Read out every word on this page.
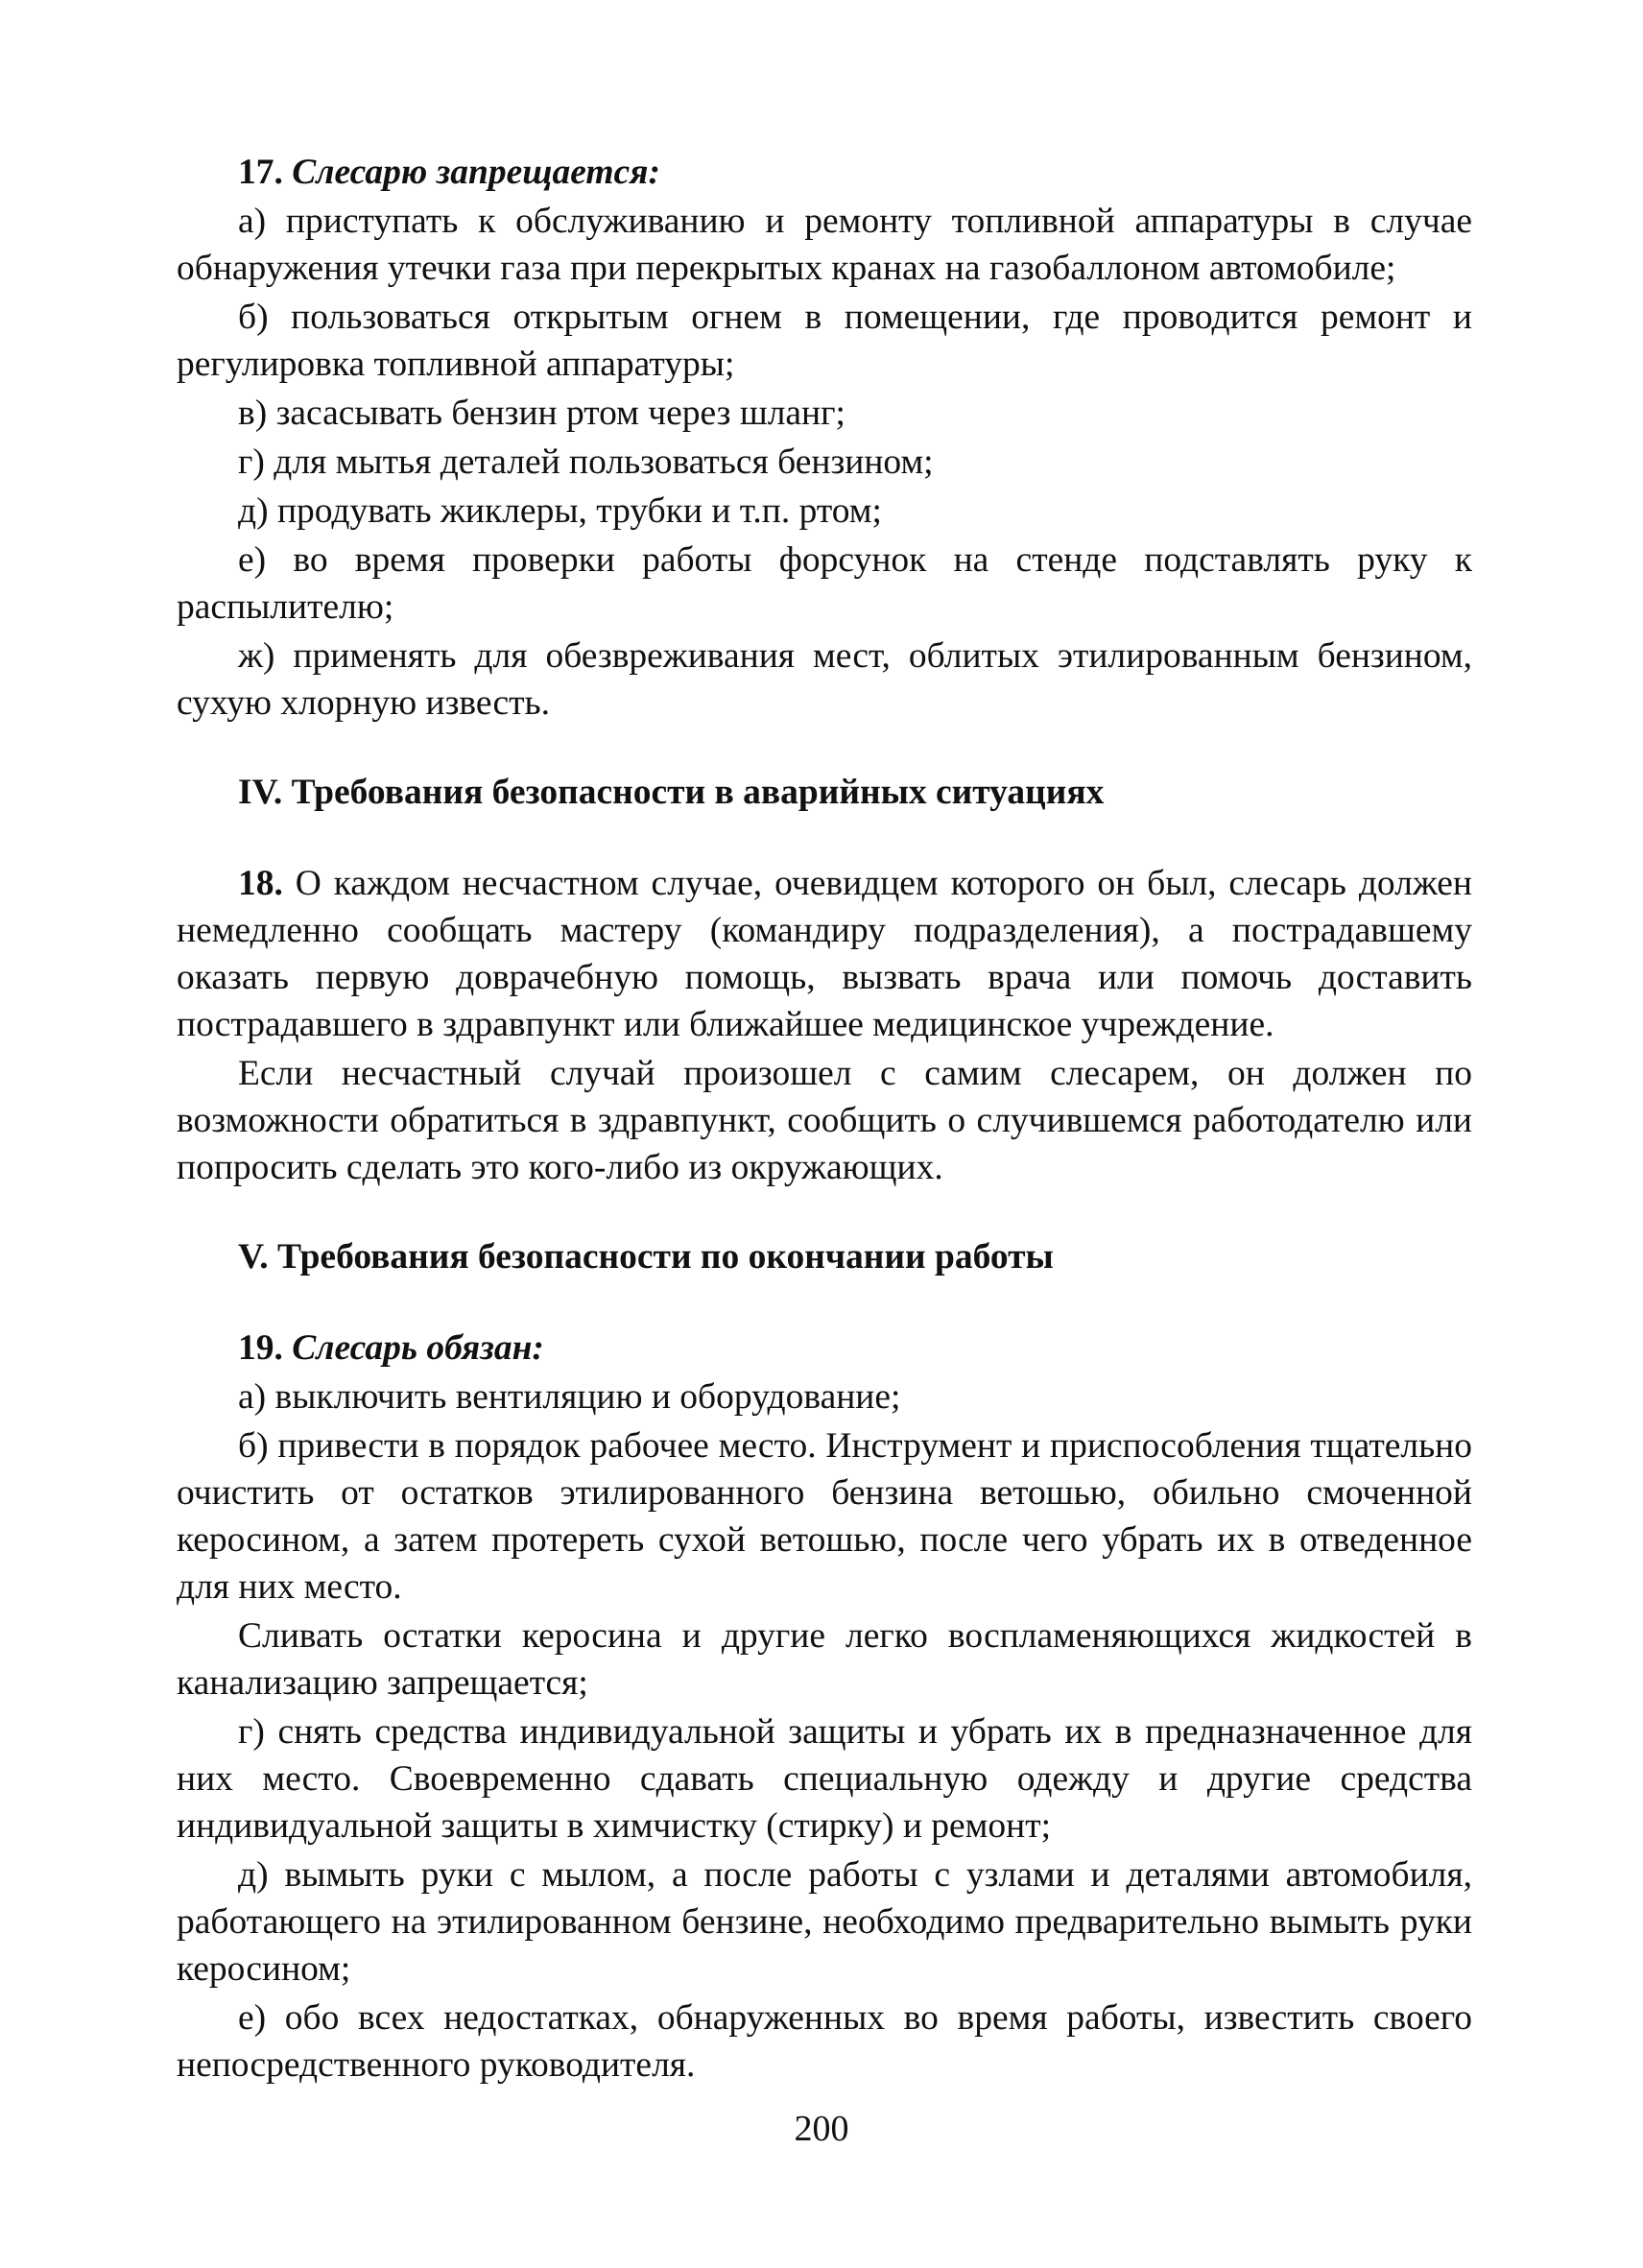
17. Слесарю запрещается:

а) приступать к обслуживанию и ремонту топливной аппаратуры в случае обнаружения утечки газа при перекрытых кранах на газобаллоном автомобиле;

б) пользоваться открытым огнем в помещении, где проводится ремонт и регулировка топливной аппаратуры;

в) засасывать бензин ртом через шланг;

г) для мытья деталей пользоваться бензином;

д) продувать жиклеры, трубки и т.п. ртом;

е) во время проверки работы форсунок на стенде подставлять руку к распылителю;

ж) применять для обезвреживания мест, облитых этилированным бензином, сухую хлорную известь.

IV. Требования безопасности в аварийных ситуациях

18. О каждом несчастном случае, очевидцем которого он был, слесарь должен немедленно сообщать мастеру (командиру подразделения), а пострадавшему оказать первую доврачебную помощь, вызвать врача или помочь доставить пострадавшего в здравпункт или ближайшее медицинское учреждение.

Если несчастный случай произошел с самим слесарем, он должен по возможности обратиться в здравпункт, сообщить о случившемся работодателю или попросить сделать это кого-либо из окружающих.

V. Требования безопасности по окончании работы

19. Слесарь обязан:

а) выключить вентиляцию и оборудование;

б) привести в порядок рабочее место. Инструмент и приспособления тщательно очистить от остатков этилированного бензина ветошью, обильно смоченной керосином, а затем протереть сухой ветошью, после чего убрать их в отведенное для них место.

Сливать остатки керосина и другие легко воспламеняющихся жидкостей в канализацию запрещается;

г) снять средства индивидуальной защиты и убрать их в предназначенное для них место. Своевременно сдавать специальную одежду и другие средства индивидуальной защиты в химчистку (стирку) и ремонт;

д) вымыть руки с мылом, а после работы с узлами и деталями автомобиля, работающего на этилированном бензине, необходимо предварительно вымыть руки керосином;

е) обо всех недостатках, обнаруженных во время работы, известить своего непосредственного руководителя.

200
